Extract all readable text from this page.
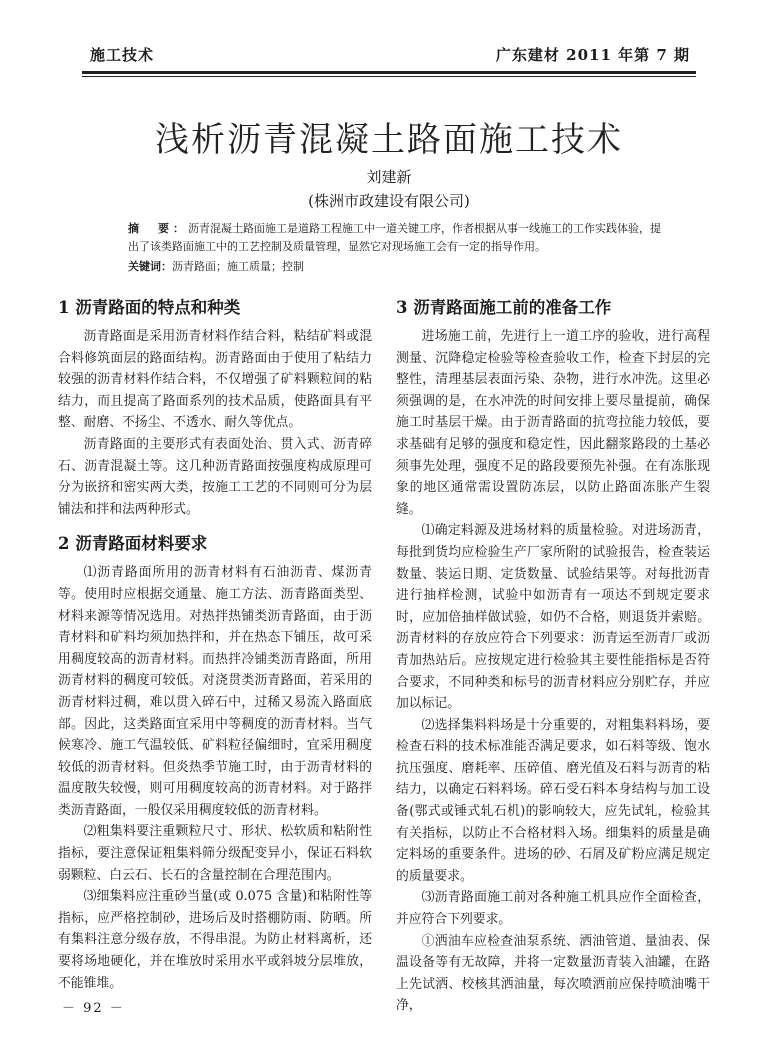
施工技术	广东建材 2011 年第 7 期
浅析沥青混凝土路面施工技术
刘建新
(株洲市政建设有限公司)
摘　要：沥青混凝土路面施工是道路工程施工中一道关键工序，作者根据从事一线施工的工作实践体验，提出了该类路面施工中的工艺控制及质量管理，显然它对现场施工会有一定的指导作用。
关键词：沥青路面；施工质量；控制
1 沥青路面的特点和种类

沥青路面是采用沥青材料作结合料，粘结矿料或混合料修筑面层的路面结构。沥青路面由于使用了粘结力较强的沥青材料作结合料，不仅增强了矿料颗粒间的粘结力，而且提高了路面系列的技术品质，使路面具有平整、耐磨、不扬尘、不透水、耐久等优点。

沥青路面的主要形式有表面处治、贯入式、沥青碎石、沥青混凝土等。这几种沥青路面按强度构成原理可分为嵌挤和密实两大类，按施工工艺的不同则可分为层铺法和拌和法两种形式。

2 沥青路面材料要求

⑴沥青路面所用的沥青材料有石油沥青、煤沥青等。使用时应根据交通量、施工方法、沥青路面类型、材料来源等情况选用。对热拌热铺类沥青路面，由于沥青材料和矿料均须加热拌和，并在热态下铺压，故可采用稠度较高的沥青材料。而热拌冷铺类沥青路面，所用沥青材料的稠度可较低。对浇贯类沥青路面，若采用的沥青材料过稠，难以贯入碎石中，过稀又易流入路面底部。因此，这类路面宜采用中等稠度的沥青材料。当气候寒冷、施工气温较低、矿料粒径偏细时，宜采用稠度较低的沥青材料。但炎热季节施工时，由于沥青材料的温度散失较慢，则可用稠度较高的沥青材料。对于路拌类沥青路面，一般仅采用稠度较低的沥青材料。

⑵粗集料要注重颗粒尺寸、形状、松软质和粘附性指标，要注意保证粗集料筛分级配变异小，保证石料软弱颗粒、白云石、长石的含量控制在合理范围内。

⑶细集料应注重砂当量(或 0.075 含量)和粘附性等指标，应严格控制砂，进场后及时搭棚防雨、防晒。所有集料注意分级存放，不得串混。为防止材料离析，还要将场地硬化，并在堆放时采用水平或斜坡分层堆放，不能锥堆。

3 沥青路面施工前的准备工作

进场施工前，先进行上一道工序的验收，进行高程测量、沉降稳定检验等检查验收工作，检查下封层的完整性，清理基层表面污染、杂物，进行水冲洗。这里必须强调的是，在水冲洗的时间安排上要尽量提前，确保施工时基层干燥。由于沥青路面的抗弯拉能力较低，要求基础有足够的强度和稳定性，因此翻浆路段的土基必须事先处理，强度不足的路段要预先补强。在有冻胀现象的地区通常需设置防冻层，以防止路面冻胀产生裂缝。

⑴确定料源及进场材料的质量检验。对进场沥青，每批到货均应检验生产厂家所附的试验报告，检查装运数量、装运日期、定货数量、试验结果等。对每批沥青进行抽样检测，试验中如沥青有一项达不到规定要求时，应加倍抽样做试验，如仍不合格，则退货并索赔。沥青材料的存放应符合下列要求：沥青运至沥青厂或沥青加热站后。应按规定进行检验其主要性能指标是否符合要求，不同种类和标号的沥青材料应分别贮存，并应加以标记。

⑵选择集料料场是十分重要的，对粗集料料场，要检查石料的技术标准能否满足要求，如石料等级、饱水抗压强度、磨耗率、压碎值、磨光值及石料与沥青的粘结力，以确定石料料场。碎石受石料本身结构与加工设备(鄂式或锤式轧石机)的影响较大，应先试轧，检验其有关指标，以防止不合格材料入场。细集料的质量是确定料场的重要条件。进场的砂、石屑及矿粉应满足规定的质量要求。

⑶沥青路面施工前对各种施工机具应作全面检查，并应符合下列要求。

①洒油车应检查油泵系统、洒油管道、量油表、保温设备等有无故障，并将一定数量沥青装入油罐，在路上先试洒、校核其洒油量，每次喷洒前应保持喷油嘴干净，

－ 92 －
